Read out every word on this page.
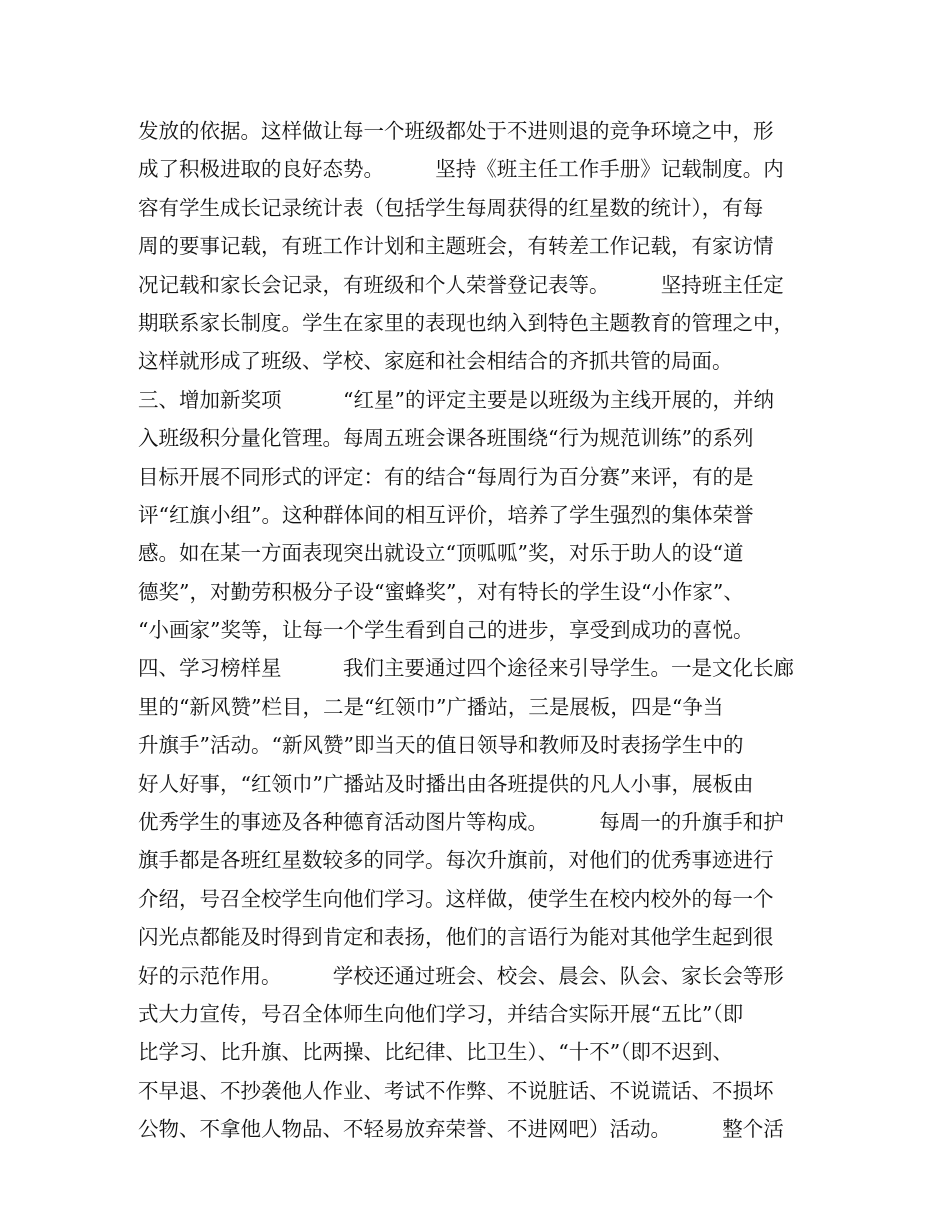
发放的依据。这样做让每一个班级都处于不进则退的竞争环境之中，形
成了积极进取的良好态势。　　　坚持《班主任工作手册》记载制度。内
容有学生成长记录统计表（包括学生每周获得的红星数的统计），有每
周的要事记载，有班工作计划和主题班会，有转差工作记载，有家访情
况记载和家长会记录，有班级和个人荣誉登记表等。　　　坚持班主任定
期联系家长制度。学生在家里的表现也纳入到特色主题教育的管理之中，
这样就形成了班级、学校、家庭和社会相结合的齐抓共管的局面。
三、增加新奖项　　　“红星”的评定主要是以班级为主线开展的，并纳
入班级积分量化管理。每周五班会课各班围绕“行为规范训练”的系列
目标开展不同形式的评定：有的结合“每周行为百分赛”来评，有的是
评“红旗小组”。这种群体间的相互评价，培养了学生强烈的集体荣誉
感。如在某一方面表现突出就设立“顶呱呱”奖，对乐于助人的设“道
德奖”，对勤劳积极分子设“蜜蜂奖”，对有特长的学生设“小作家”、
“小画家”奖等，让每一个学生看到自己的进步，享受到成功的喜悦。
四、学习榜样星　　　我们主要通过四个途径来引导学生。一是文化长廊
里的“新风赞”栏目，二是“红领巾”广播站，三是展板，四是“争当
升旗手”活动。“新风赞”即当天的值日领导和教师及时表扬学生中的
好人好事，“红领巾”广播站及时播出由各班提供的凡人小事，展板由
优秀学生的事迹及各种德育活动图片等构成。　　　每周一的升旗手和护
旗手都是各班红星数较多的同学。每次升旗前，对他们的优秀事迹进行
介绍，号召全校学生向他们学习。这样做，使学生在校内校外的每一个
闪光点都能及时得到肯定和表扬，他们的言语行为能对其他学生起到很
好的示范作用。　　　学校还通过班会、校会、晨会、队会、家长会等形
式大力宣传，号召全体师生向他们学习，并结合实际开展“五比”（即
比学习、比升旗、比两操、比纪律、比卫生）、“十不”（即不迟到、
不早退、不抄袭他人作业、考试不作弊、不说脏话、不说谎话、不损坏
公物、不拿他人物品、不轻易放弃荣誉、不进网吧）活动。　　　整个活
